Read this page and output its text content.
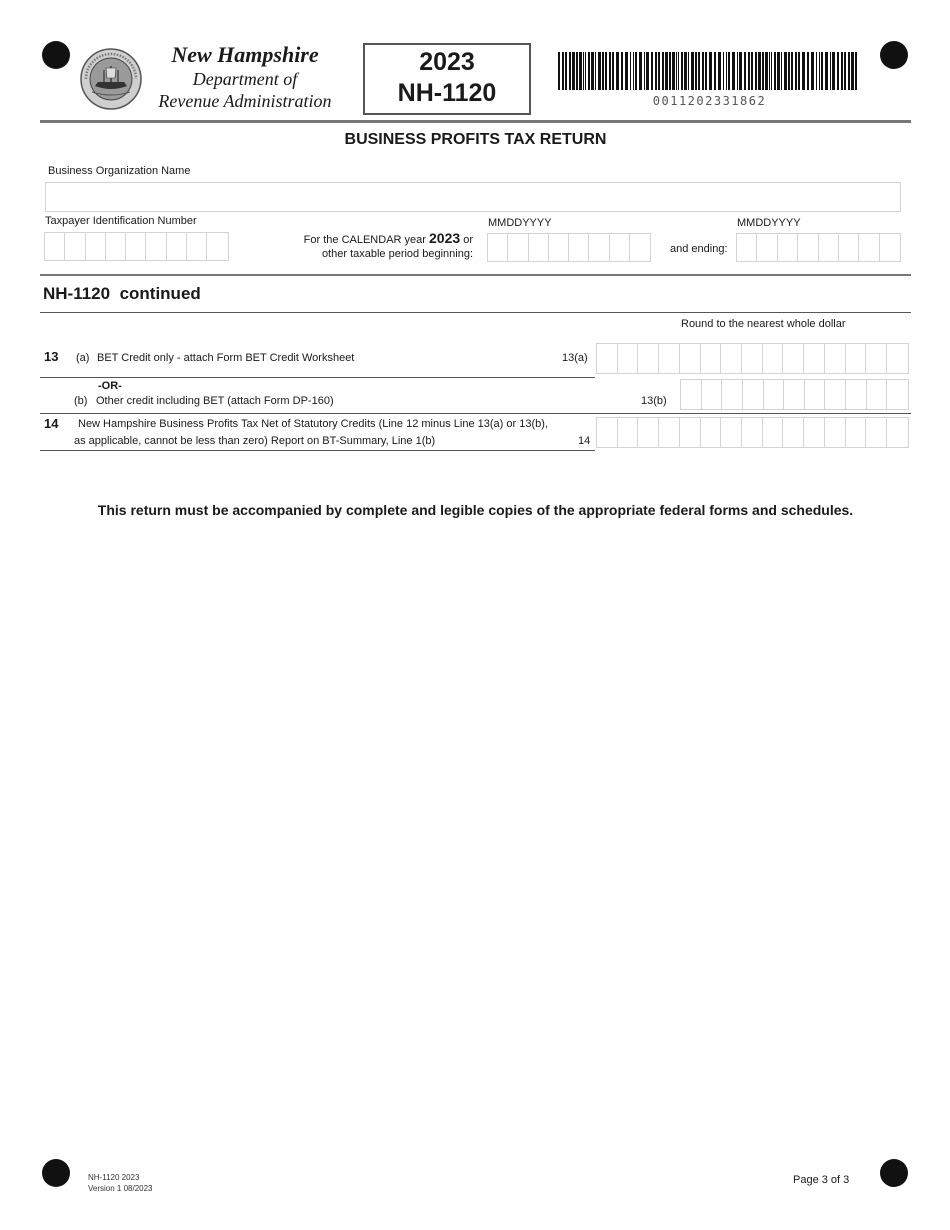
New Hampshire
Department of
Revenue Administration
2023
NH-1120	0011202331862
BUSINESS PROFITS TAX RETURN
Business Organization Name
Taxpayer Identification Number
For the CALENDAR year 2023 or
other taxable period beginning:
MMDDYYYY
and ending:
MMDDYYYY
NH-1120 continued
Round to the nearest whole dollar
13 (a) BET Credit only - attach Form BET Credit Worksheet	13(a)
-OR-
(b) Other credit including BET (attach Form DP-160)	13(b)
14 New Hampshire Business Profits Tax Net of Statutory Credits (Line 12 minus Line 13(a) or 13(b),
as applicable, cannot be less than zero) Report on BT-Summary, Line 1(b)	14
This return must be accompanied by complete and legible copies of the appropriate federal forms and schedules.
NH-1120 2023
Version 1 08/2023
Page 3 of 3
